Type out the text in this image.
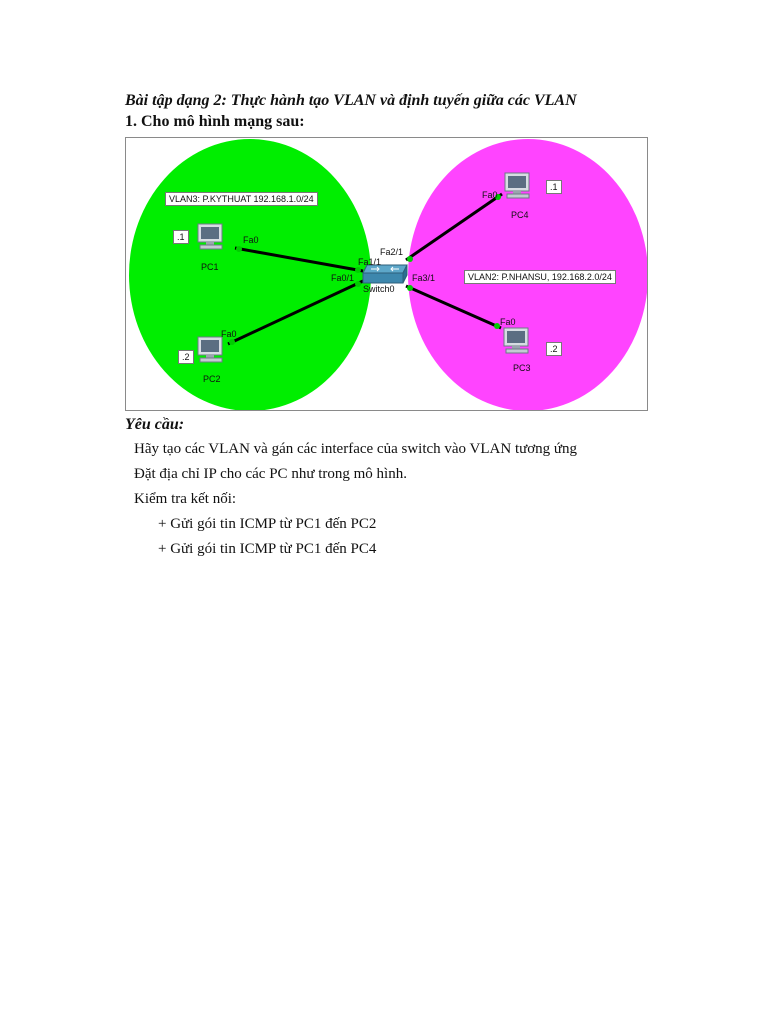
Bài tập dạng 2: Thực hành tạo VLAN và định tuyến giữa các VLAN
1. Cho mô hình mạng sau:
VLAN3: P.KYTHUAT 192.168.1.0/24
VLAN2: P.NHANSU, 192.168.2.0/24
Switch0
Fa0/1
Fa1/1
Fa2/1
Fa3/1
.1	Fa0
PC1
.2
Fa0
PC2
.1
Fa0
PC4
.2
Fa0
PC3
Yêu cầu:
Hãy tạo các VLAN và gán các interface của switch vào VLAN tương ứng
Đặt địa chỉ IP cho các PC như trong mô hình.
Kiểm tra kết nối:
+ Gửi gói tin ICMP từ PC1 đến PC2
+ Gửi gói tin ICMP từ PC1 đến PC4
